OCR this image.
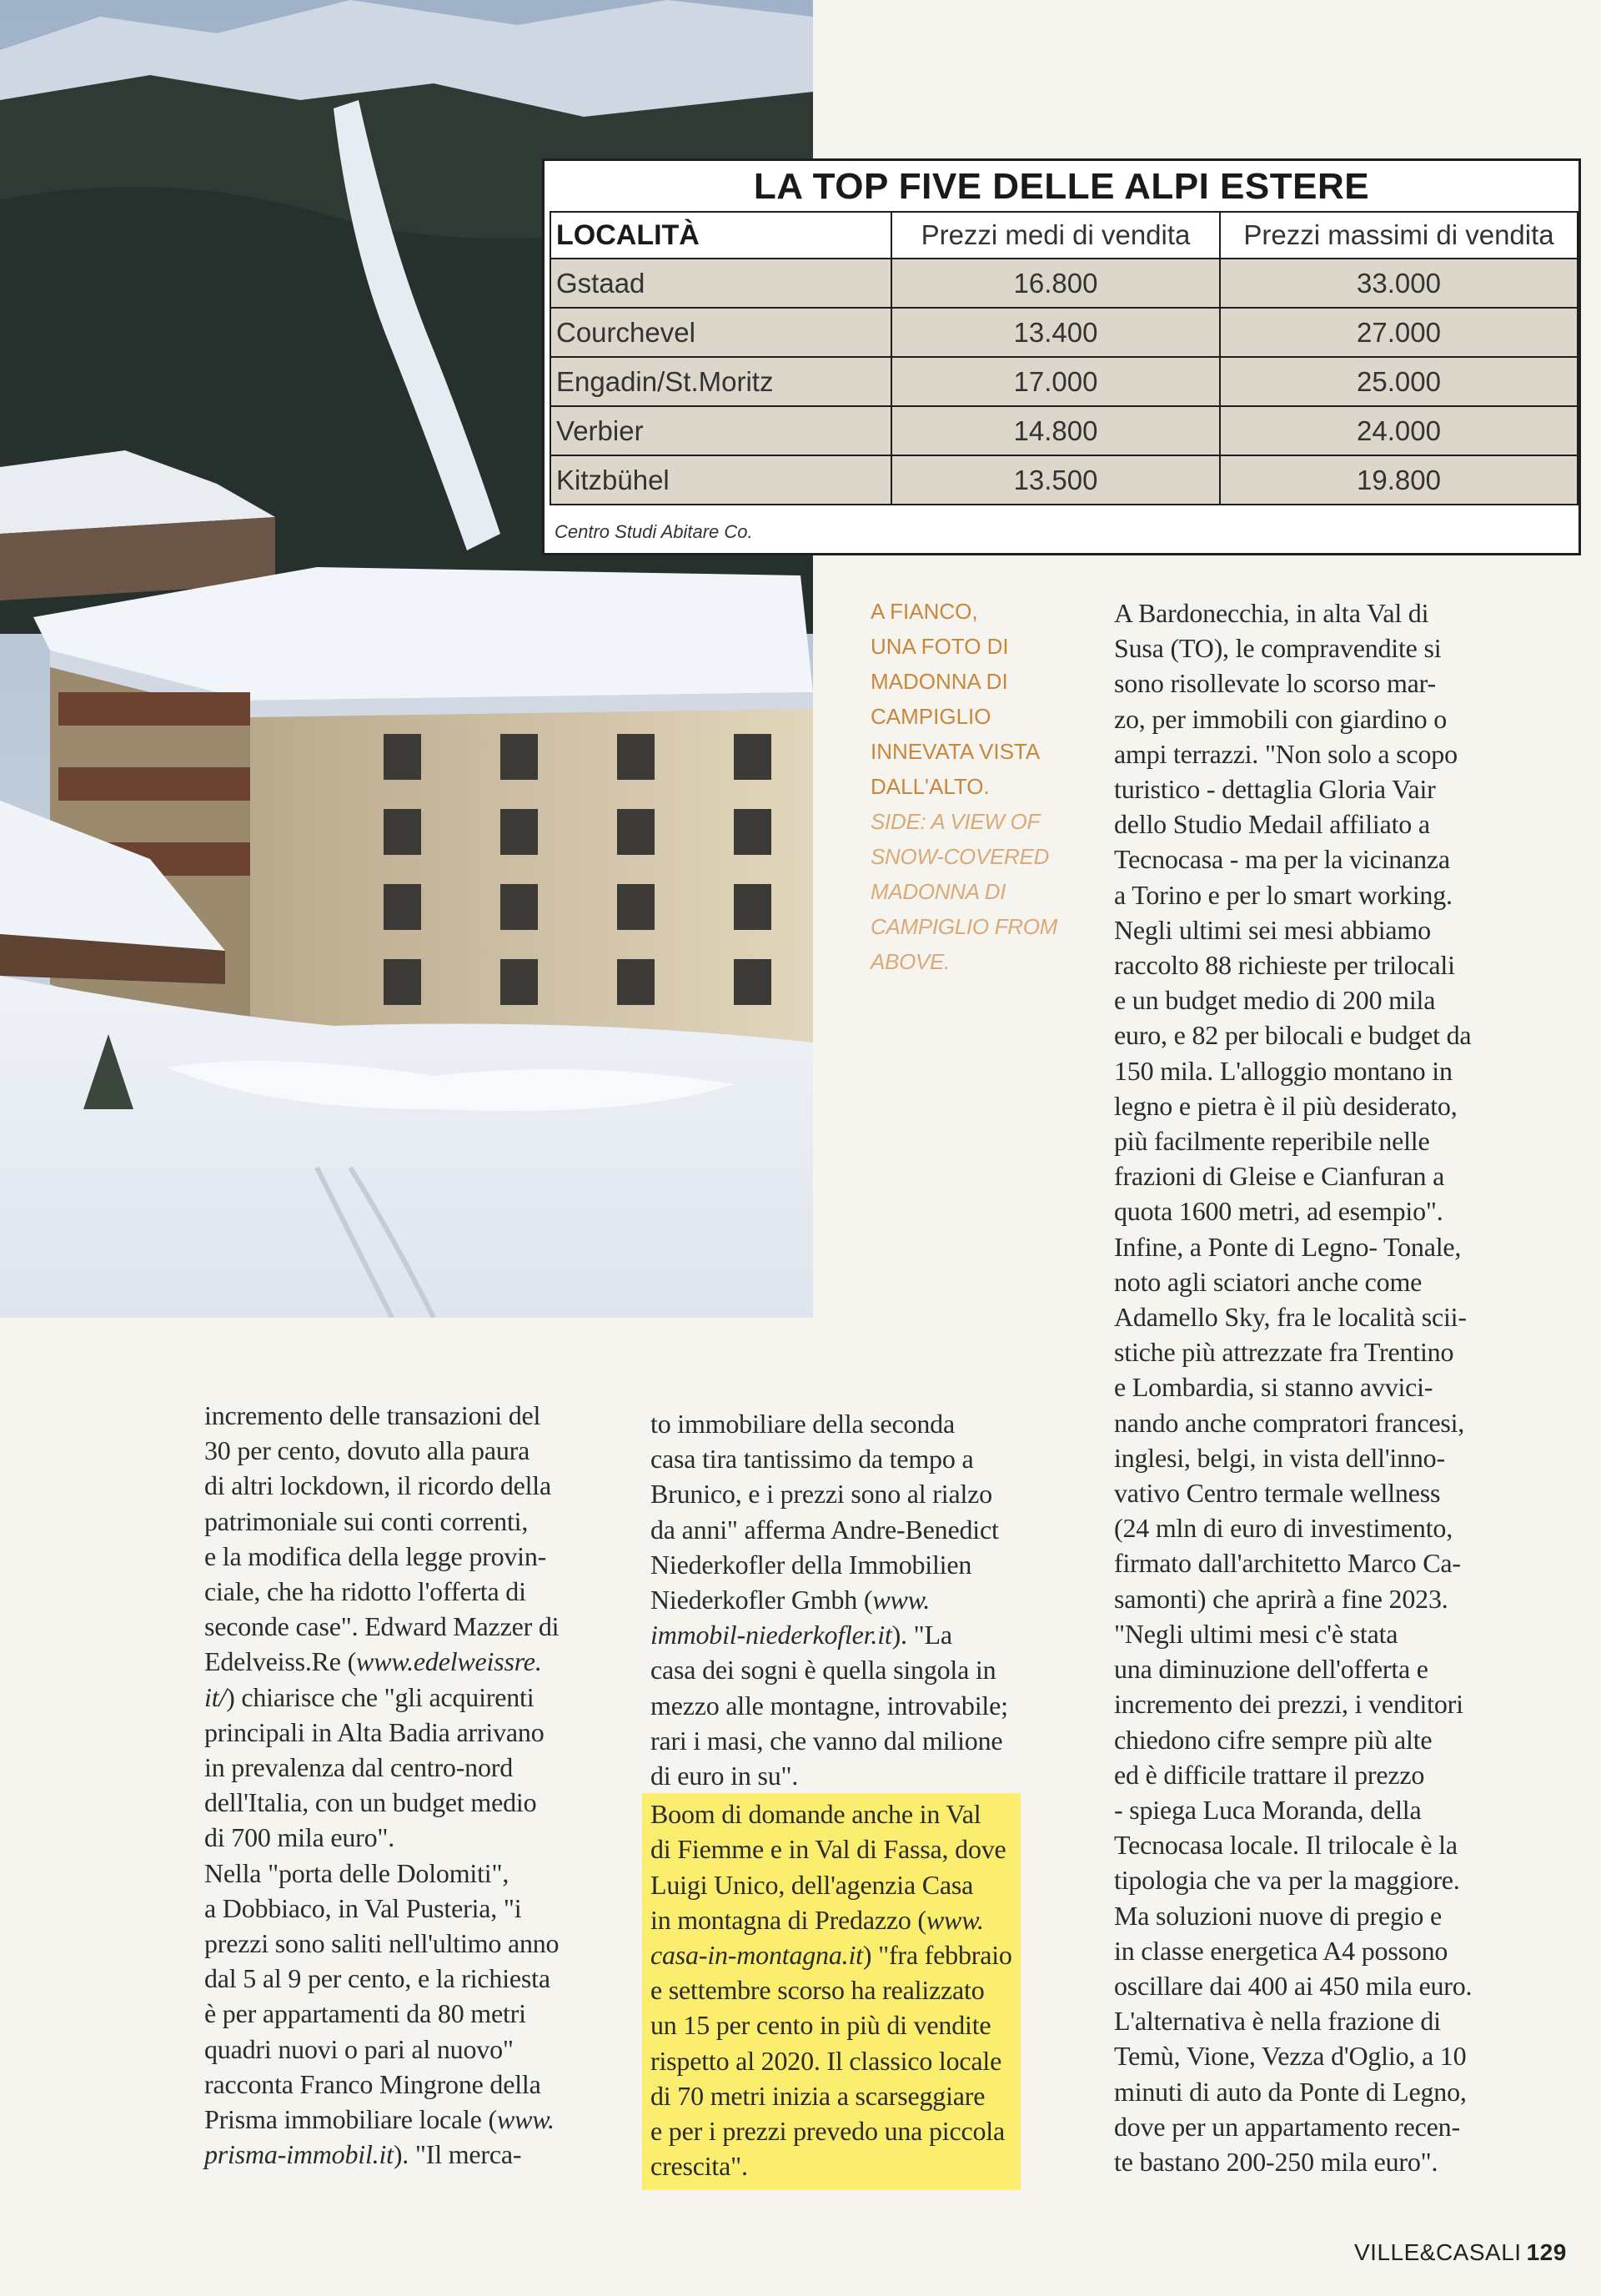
LA TOP FIVE DELLE ALPI ESTERE
LOCALITÀ	Prezzi medi di vendita	Prezzi massimi di vendita
Gstaad	16.800	33.000
Courchevel	13.400	27.000
Engadin/St.Moritz	17.000	25.000
Verbier	14.800	24.000
Kitzbühel	13.500	19.800
Centro Studi Abitare Co.
A FIANCO,
UNA FOTO DI
MADONNA DI
CAMPIGLIO
INNEVATA VISTA
DALL'ALTO.
SIDE: A VIEW OF
SNOW-COVERED
MADONNA DI
CAMPIGLIO FROM
ABOVE.

incremento delle transazioni del

30 per cento, dovuto alla paura

di altri lockdown, il ricordo della

patrimoniale sui conti correnti,

e la modifica della legge provin-

ciale, che ha ridotto l'offerta di

seconde case". Edward Mazzer di

Edelveiss.Re (www.edelweissre.

it/) chiarisce che "gli acquirenti

principali in Alta Badia arrivano

in prevalenza dal centro-nord

dell'Italia, con un budget medio

di 700 mila euro".

Nella "porta delle Dolomiti",

a Dobbiaco, in Val Pusteria, "i

prezzi sono saliti nell'ultimo anno

dal 5 al 9 per cento, e la richiesta

è per appartamenti da 80 metri

quadri nuovi o pari al nuovo"

racconta Franco Mingrone della

Prisma immobiliare locale (www.

prisma-immobil.it). "Il merca-

to immobiliare della seconda

casa tira tantissimo da tempo a

Brunico, e i prezzi sono al rialzo

da anni" afferma Andre-Benedict

Niederkofler della Immobilien

Niederkofler Gmbh (www.

immobil-niederkofler.it). "La

casa dei sogni è quella singola in

mezzo alle montagne, introvabile;

rari i masi, che vanno dal milione

di euro in su".

Boom di domande anche in Val

di Fiemme e in Val di Fassa, dove

Luigi Unico, dell'agenzia Casa

in montagna di Predazzo (www.

casa-in-montagna.it) "fra febbraio

e settembre scorso ha realizzato

un 15 per cento in più di vendite

rispetto al 2020. Il classico locale

di 70 metri inizia a scarseggiare

e per i prezzi prevedo una piccola

crescita".

A Bardonecchia, in alta Val di

Susa (TO), le compravendite si

sono risollevate lo scorso mar-

zo, per immobili con giardino o

ampi terrazzi. "Non solo a scopo

turistico - dettaglia Gloria Vair

dello Studio Medail affiliato a

Tecnocasa - ma per la vicinanza

a Torino e per lo smart working.

Negli ultimi sei mesi abbiamo

raccolto 88 richieste per trilocali

e un budget medio di 200 mila

euro, e 82 per bilocali e budget da

150 mila. L'alloggio montano in

legno e pietra è il più desiderato,

più facilmente reperibile nelle

frazioni di Gleise e Cianfuran a

quota 1600 metri, ad esempio".

Infine, a Ponte di Legno- Tonale,

noto agli sciatori anche come

Adamello Sky, fra le località scii-

stiche più attrezzate fra Trentino

e Lombardia, si stanno avvici-

nando anche compratori francesi,

inglesi, belgi, in vista dell'inno-

vativo Centro termale wellness

(24 mln di euro di investimento,

firmato dall'architetto Marco Ca-

samonti) che aprirà a fine 2023.

"Negli ultimi mesi c'è stata

una diminuzione dell'offerta e

incremento dei prezzi, i venditori

chiedono cifre sempre più alte

ed è difficile trattare il prezzo

- spiega Luca Moranda, della

Tecnocasa locale. Il trilocale è la

tipologia che va per la maggiore.

Ma soluzioni nuove di pregio e

in classe energetica A4 possono

oscillare dai 400 ai 450 mila euro.

L'alternativa è nella frazione di

Temù, Vione, Vezza d'Oglio, a 10

minuti di auto da Ponte di Legno,

dove per un appartamento recen-

te bastano 200-250 mila euro".

VILLE&CASALI 129
